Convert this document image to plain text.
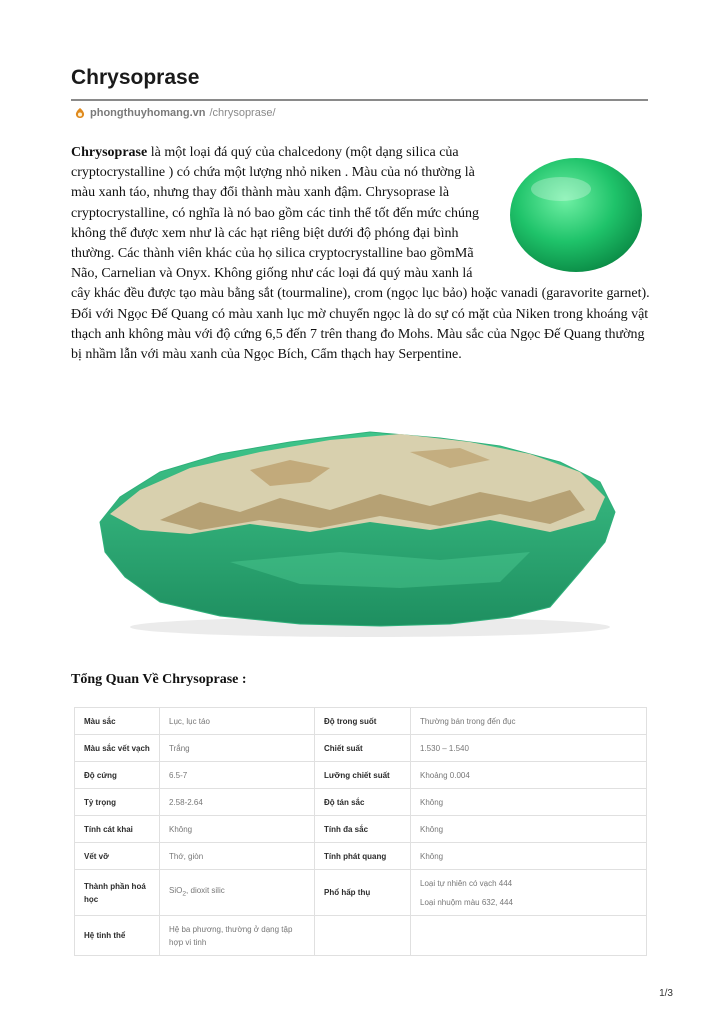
Chrysoprase
phongthuyhomang.vn /chrysoprase/

Chrysoprase là một loại đá quý của chalcedony (một dạng silica của cryptocrystalline ) có chứa một lượng nhỏ niken . Màu của nó thường là màu xanh táo, nhưng thay đổi thành màu xanh đậm. Chrysoprase là cryptocrystalline, có nghĩa là nó bao gồm các tinh thể tốt đến mức chúng không thể được xem như là các hạt riêng biệt dưới độ phóng đại bình thường. Các thành viên khác của họ silica cryptocrystalline bao gồmMã Não, Carnelian và Onyx. Không giống như các loại đá quý màu xanh lá cây khác đều được tạo màu bằng sắt (tourmaline), crom (ngọc lục bảo) hoặc vanadi (garavorite garnet). Đối với Ngọc Đế Quang có màu xanh lục mờ chuyển ngọc là do sự có mặt của Niken trong khoáng vật thạch anh không màu với độ cứng 6,5 đến 7 trên thang đo Mohs. Màu sắc của Ngọc Đế Quang thường bị nhầm lẫn với màu xanh của Ngọc Bích, Cẩm thạch hay Serpentine.

Tổng Quan Về Chrysoprase :
Màu sắc	Lục, lục táo	Độ trong suốt	Thường bán trong đến đục
Màu sắc vết vạch	Trắng	Chiết suất	1.530 – 1.540
Độ cứng	6.5-7	Lưỡng chiết suất	Khoảng 0.004
Tỷ trọng	2.58-2.64	Độ tán sắc	Không
Tính cát khai	Không	Tính đa sắc	Không
Vết vỡ	Thớ, giòn	Tính phát quang	Không
Thành phần hoá học	SiO$_2$, dioxit silic	Phổ hấp thụ	Loại tự nhiên có vạch 444
Loại nhuộm màu 632, 444

Hệ tinh thể	Hệ ba phương, thường ở dạng tập hợp vi tinh		
1/3
